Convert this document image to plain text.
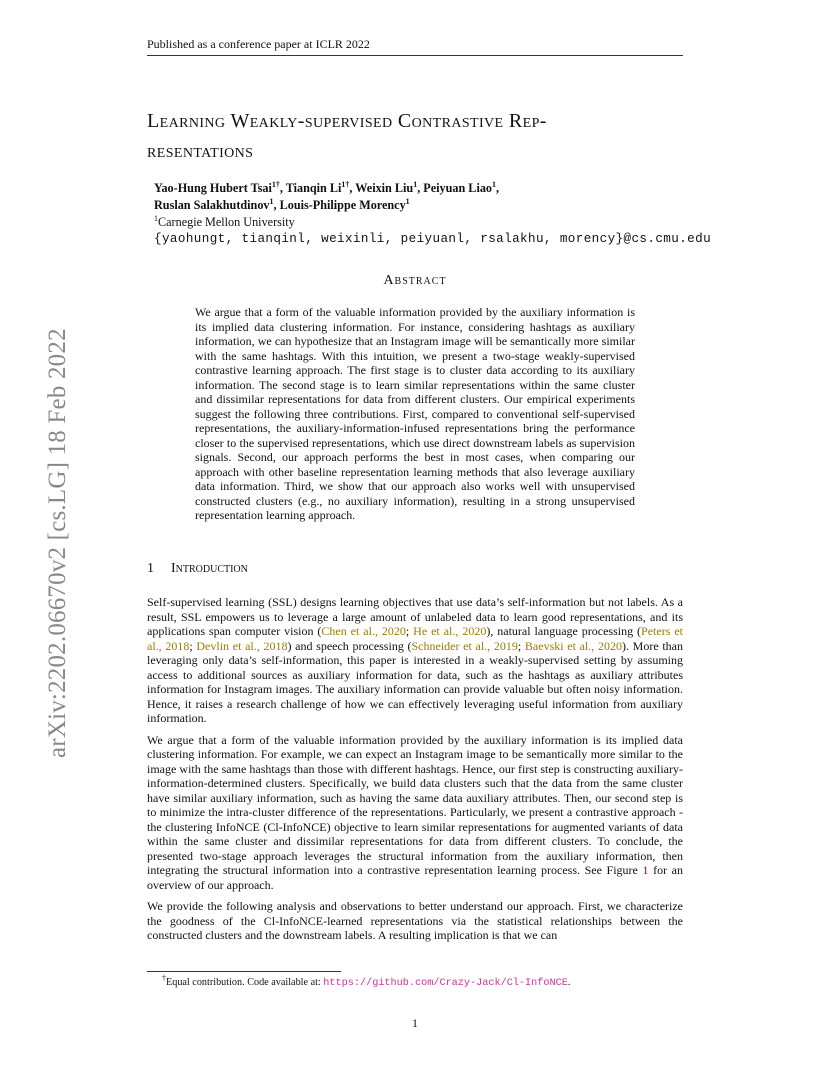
Published as a conference paper at ICLR 2022
Learning Weakly-supervised Contrastive Rep-
resentations
Yao-Hung Hubert Tsai$^{1\dagger}$, Tianqin $Li^{1\dagger}$, Weixin Liu$^1$, Peiyuan Liao$^1$,
Ruslan Salakhutdinov$^1$, Louis-Philippe Morency$^1$
$^1$Carnegie Mellon University
{yaohungt, tianqinl, weixinli, peiyuanl, rsalakhu, morency}@cs.cmu.edu
Abstract
We argue that a form of the valuable information provided by the auxiliary information is its implied data clustering information. For instance, considering hashtags as auxiliary information, we can hypothesize that an Instagram image will be semantically more similar with the same hashtags. With this intuition, we present a two-stage weakly-supervised contrastive learning approach. The first stage is to cluster data according to its auxiliary information. The second stage is to learn similar representations within the same cluster and dissimilar representations for data from different clusters. Our empirical experiments suggest the following three contributions. First, compared to conventional self-supervised representations, the auxiliary-information-infused representations bring the performance closer to the supervised representations, which use direct downstream labels as supervision signals. Second, our approach performs the best in most cases, when comparing our approach with other baseline representation learning methods that also leverage auxiliary data information. Third, we show that our approach also works well with unsupervised constructed clusters (e.g., no auxiliary information), resulting in a strong unsupervised representation learning approach.
1 Introduction

Self-supervised learning (SSL) designs learning objectives that use data’s self-information but not labels. As a result, SSL empowers us to leverage a large amount of unlabeled data to learn good representations, and its applications span computer vision (Chen et al., 2020; He et al., 2020), natural language processing (Peters et al., 2018; Devlin et al., 2018) and speech processing (Schneider et al., 2019; Baevski et al., 2020). More than leveraging only data’s self-information, this paper is interested in a weakly-supervised setting by assuming access to additional sources as auxiliary information for data, such as the hashtags as auxiliary attributes information for Instagram images. The auxiliary information can provide valuable but often noisy information. Hence, it raises a research challenge of how we can effectively leveraging useful information from auxiliary information.

We argue that a form of the valuable information provided by the auxiliary information is its implied data clustering information. For example, we can expect an Instagram image to be semantically more similar to the image with the same hashtags than those with different hashtags. Hence, our first step is constructing auxiliary-information-determined clusters. Specifically, we build data clusters such that the data from the same cluster have similar auxiliary information, such as having the same data auxiliary attributes. Then, our second step is to minimize the intra-cluster difference of the representations. Particularly, we present a contrastive approach - the clustering InfoNCE (Cl-InfoNCE) objective to learn similar representations for augmented variants of data within the same cluster and dissimilar representations for data from different clusters. To conclude, the presented two-stage approach leverages the structural information from the auxiliary information, then integrating the structural information into a contrastive representation learning process. See Figure 1 for an overview of our approach.

We provide the following analysis and observations to better understand our approach. First, we characterize the goodness of the Cl-InfoNCE-learned representations via the statistical relationships between the constructed clusters and the downstream labels. A resulting implication is that we can

†Equal contribution. Code available at: https://github.com/Crazy-Jack/Cl-InfoNCE.
1
arXiv:2202.06670v2 [cs.LG] 18 Feb 2022
